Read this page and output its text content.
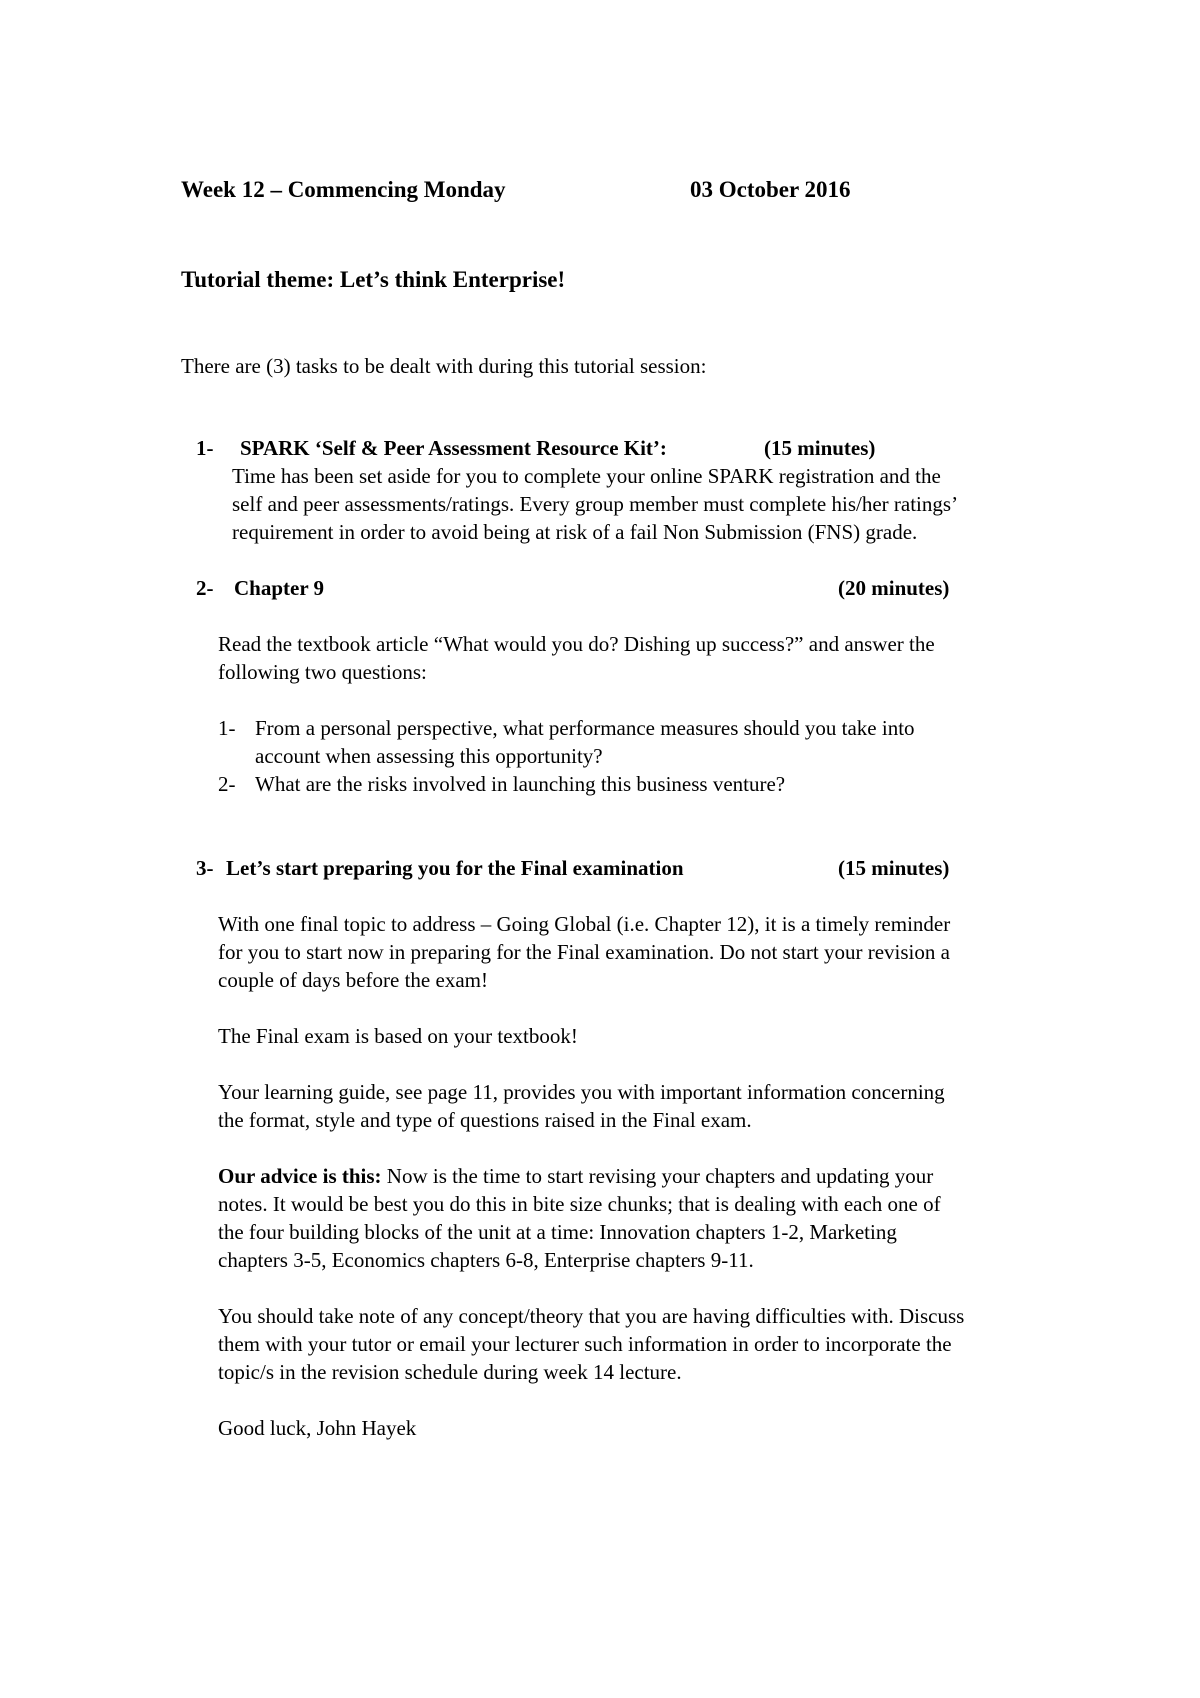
Week 12 – Commencing Monday	03 October 2016
Tutorial theme: Let’s think Enterprise!
There are (3) tasks to be dealt with during this tutorial session:
1- SPARK ‘Self & Peer Assessment Resource Kit’:	(15 minutes)
Time has been set aside for you to complete your online SPARK registration and the
self and peer assessments/ratings. Every group member must complete his/her ratings’
requirement in order to avoid being at risk of a fail Non Submission (FNS) grade.
2- Chapter 9	(20 minutes)
Read the textbook article “What would you do? Dishing up success?” and answer the
following two questions:
1- From a personal perspective, what performance measures should you take into
account when assessing this opportunity?
2- What are the risks involved in launching this business venture?
3- Let’s start preparing you for the Final examination	(15 minutes)
With one final topic to address – Going Global (i.e. Chapter 12), it is a timely reminder
for you to start now in preparing for the Final examination. Do not start your revision a
couple of days before the exam!
The Final exam is based on your textbook!
Your learning guide, see page 11, provides you with important information concerning
the format, style and type of questions raised in the Final exam.
Our advice is this: Now is the time to start revising your chapters and updating your
notes. It would be best you do this in bite size chunks; that is dealing with each one of
the four building blocks of the unit at a time: Innovation chapters 1-2, Marketing
chapters 3-5, Economics chapters 6-8, Enterprise chapters 9-11.
You should take note of any concept/theory that you are having difficulties with. Discuss
them with your tutor or email your lecturer such information in order to incorporate the
topic/s in the revision schedule during week 14 lecture.
Good luck, John Hayek
